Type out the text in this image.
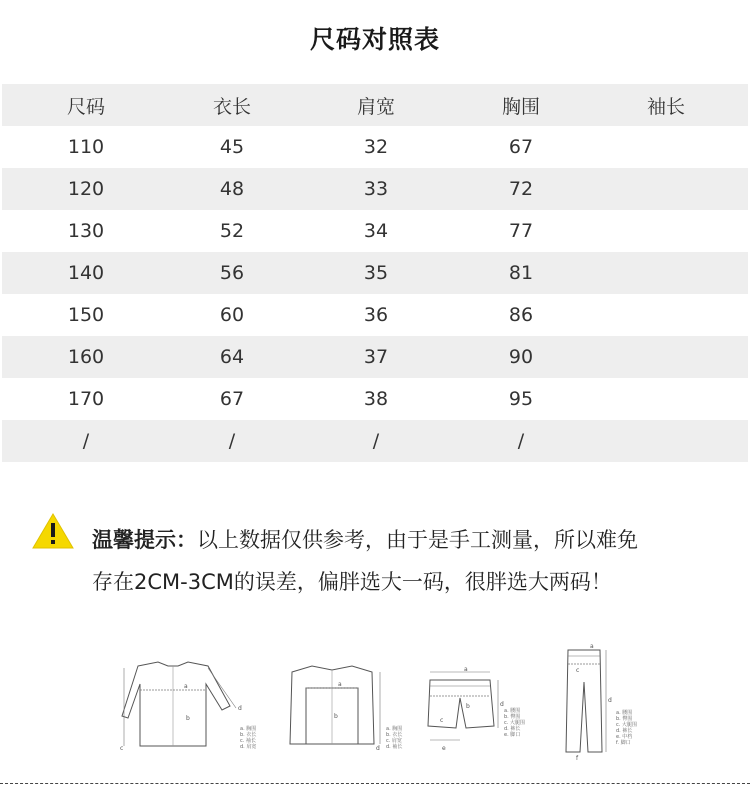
尺码对照表
尺码	衣长	肩宽	胸围	袖长
110	45	32	67
120	48	33	72
130	52	34	77
140	56	35	81
150	60	36	86
160	64	37	90
170	67	38	95
/	/	/	/
温馨提示：以上数据仅供参考，由于是手工测量，所以难免
存在2CM-3CM的误差，偏胖选大一码，很胖选大两码！
a
b
c
d
a. 胸围
b. 衣长
c. 袖长
d. 肩宽
a
b
d
a. 胸围
b. 衣长
c. 肩宽
d. 袖长
a
b
c
d
e
a. 腰围
b. 臀围
c. 大腿围
d. 裤长
e. 脚口
a
c
d
f
a. 腰围
b. 臀围
c. 大腿围
d. 裤长
e. 中档
f. 脚口
